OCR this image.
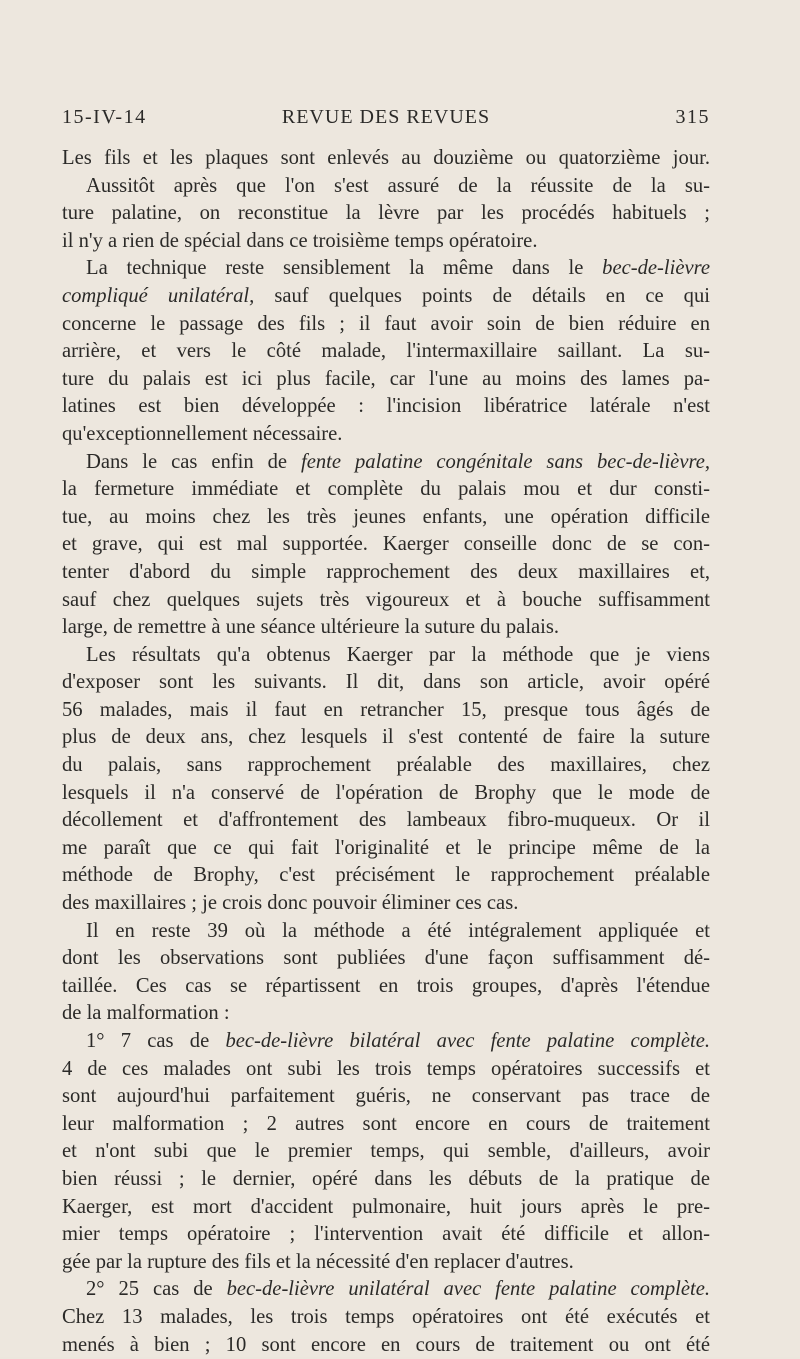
15-IV-14	REVUE DES REVUES	315
Les fils et les plaques sont enlevés au douzième ou quatorzième jour.
Aussitôt après que l'on s'est assuré de la réussite de la su-
ture palatine, on reconstitue la lèvre par les procédés habituels ;
il n'y a rien de spécial dans ce troisième temps opératoire.
La technique reste sensiblement la même dans le bec-de-lièvre
compliqué unilatéral, sauf quelques points de détails en ce qui
concerne le passage des fils ; il faut avoir soin de bien réduire en
arrière, et vers le côté malade, l'intermaxillaire saillant. La su-
ture du palais est ici plus facile, car l'une au moins des lames pa-
latines est bien développée : l'incision libératrice latérale n'est
qu'exceptionnellement nécessaire.
Dans le cas enfin de fente palatine congénitale sans bec-de-lièvre,
la fermeture immédiate et complète du palais mou et dur consti-
tue, au moins chez les très jeunes enfants, une opération difficile
et grave, qui est mal supportée. Kaerger conseille donc de se con-
tenter d'abord du simple rapprochement des deux maxillaires et,
sauf chez quelques sujets très vigoureux et à bouche suffisamment
large, de remettre à une séance ultérieure la suture du palais.
Les résultats qu'a obtenus Kaerger par la méthode que je viens
d'exposer sont les suivants. Il dit, dans son article, avoir opéré
56 malades, mais il faut en retrancher 15, presque tous âgés de
plus de deux ans, chez lesquels il s'est contenté de faire la suture
du palais, sans rapprochement préalable des maxillaires, chez
lesquels il n'a conservé de l'opération de Brophy que le mode de
décollement et d'affrontement des lambeaux fibro-muqueux. Or il
me paraît que ce qui fait l'originalité et le principe même de la
méthode de Brophy, c'est précisément le rapprochement préalable
des maxillaires ; je crois donc pouvoir éliminer ces cas.
Il en reste 39 où la méthode a été intégralement appliquée et
dont les observations sont publiées d'une façon suffisamment dé-
taillée. Ces cas se répartissent en trois groupes, d'après l'étendue
de la malformation :
1° 7 cas de bec-de-lièvre bilatéral avec fente palatine complète.
4 de ces malades ont subi les trois temps opératoires successifs et
sont aujourd'hui parfaitement guéris, ne conservant pas trace de
leur malformation ; 2 autres sont encore en cours de traitement
et n'ont subi que le premier temps, qui semble, d'ailleurs, avoir
bien réussi ; le dernier, opéré dans les débuts de la pratique de
Kaerger, est mort d'accident pulmonaire, huit jours après le pre-
mier temps opératoire ; l'intervention avait été difficile et allon-
gée par la rupture des fils et la nécessité d'en replacer d'autres.
2° 25 cas de bec-de-lièvre unilatéral avec fente palatine complète.
Chez 13 malades, les trois temps opératoires ont été exécutés et
menés à bien ; 10 sont encore en cours de traitement ou ont été
